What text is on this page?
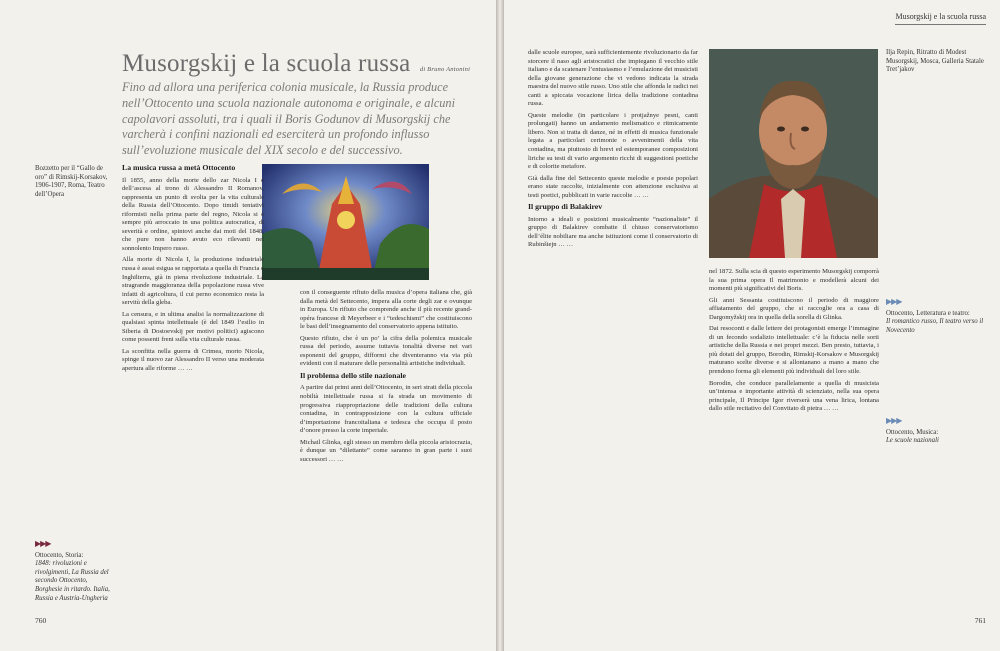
Musorgskij e la scuola russa di Bruno Antonini
Fino ad allora una periferica colonia musicale, la Russia produce nell’Ottocento una scuola nazionale autonoma e originale, e alcuni capolavori assoluti, tra i quali il Boris Godunov di Musorgskij che varcherà i confini nazionali ed eserciterà un profondo influsso sull’evoluzione musicale del XIX secolo e del successivo.
Bozzetto per il “Gallo de oro” di Rimskij-Korsakov, 1906-1907, Roma, Teatro dell’Opera
La musica russa a metà Ottocento

Il 1855, anno della morte dello zar Nicola I e dell’ascesa al trono di Alessandro II Romanov, rappresenta un punto di svolta per la vita culturale della Russia dell’Ottocento. Dopo timidi tentativi riformisti nella prima parte del regno, Nicola si è sempre più arroccato in una politica autocratica, di severità e ordine, spintovi anche dai moti del 1848, che pure non hanno avuto eco rilevanti nel sonnolento Impero russo.

Alla morte di Nicola I, la produzione industriale russa è assai esigua se rapportata a quella di Francia e Inghilterra, già in piena rivoluzione industriale. La stragrande maggioranza della popolazione russa vive infatti di agricoltura, il cui perno economico resta la servitù della gleba.

La censura, e in ultima analisi la normalizzazione di qualsiasi spinta intellettuale (è del 1849 l’esilio in Siberia di Dostoevskij per motivi politici) agiscono come possenti freni sulla vita culturale russa.

La sconfitta nella guerra di Crimea, morto Nicola, spinge il nuovo zar Alessandro II verso una moderata apertura alle riforme … …

con il conseguente rifiuto della musica d’opera italiana che, già dalla metà del Settecento, impera alla corte degli zar e ovunque in Europa. Un rifiuto che comprende anche il più recente grand-opéra francese di Meyerbeer e i “tedeschismi” che costituiscono le basi dell’insegnamento del conservatorio appena istituito.

Questo rifiuto, che è un po’ la cifra della polemica musicale russa del periodo, assume tuttavia tonalità diverse nei vari esponenti del gruppo, difformi che diventeranno via via più evidenti con il maturare delle personalità artistiche individuali.

Il problema dello stile nazionale

A partire dai primi anni dell’Ottocento, in seri strati della piccola nobiltà intellettuale russa si fa strada un movimento di progressiva riappropriazione delle tradizioni della cultura contadina, in contrapposizione con la cultura ufficiale d’importazione francoitaliana e tedesca che occupa il posto d’onore presso la corte imperiale.

Michail Glinka, egli stesso un membro della piccola aristocrazia, è dunque un “dilettante” come saranno in gran parte i suoi successori … …

▶▶▶
Ottocento, Storia:
1848: rivoluzioni e rivolgimenti, La Russia del secondo Ottocento, Borghesie in ritardo. Italia, Russia e Austria-Ungheria
760
Musorgskij e la scuola russa

dalle scuole europee, sarà sufficientemente rivoluzionario da far storcere il naso agli aristocratici che impiegano il vecchio stile italiano e da scatenare l’entusiasmo e l’emulazione dei musicisti della giovane generazione che vi vedono indicata la strada maestra del nuovo stile russo. Uno stile che affonda le radici nei canti a spiccata vocazione lirica della tradizione contadina russa.

Queste melodie (in particolare i protjažnye pesni, canti prolungati) hanno un andamento melismatico e ritmicamente libero. Non si tratta di danze, né in effetti di musica funzionale legata a particolari cerimonie o avvenimenti della vita contadina, ma piuttosto di brevi ed estemporanee composizioni liriche su testi di vario argomento ricchi di suggestioni poetiche e di colorite metafore.

Già dalla fine del Settecento queste melodie e poesie popolari erano state raccolte, inizialmente con attenzione esclusiva ai testi poetici, pubblicati in varie raccolte … …

Il gruppo di Balakirev

Intorno a ideali e posizioni musicalmente “nazionaliste” il gruppo di Balakirev combatte il chiuso conservatorismo dell’élite nobiliare ma anche istituzioni come il conservatorio di Rubinštejn … …

Ilja Repin, Ritratto di Modest Musorgskij, Mosca, Galleria Statale Tret’jakov

nel 1872. Sulla scia di questo esperimento Musorgskij comporrà la sua prima opera Il matrimonio e modellerà alcuni dei momenti più significativi del Boris.

Gli anni Sessanta costituiscono il periodo di maggiore affiatamento del gruppo, che si raccoglie ora a casa di Dargomyžskij ora in quella della sorella di Glinka.

Dai resoconti e dalle lettere dei protagonisti emerge l’immagine di un fecondo sodalizio intellettuale: c’è la fiducia nelle sorti artistiche della Russia e nei propri mezzi. Ben presto, tuttavia, i più dotati del gruppo, Borodin, Rimskij-Korsakov e Musorgskij maturano scelte diverse e si allontanano a mano a mano che prendono forma gli elementi più individuali del loro stile.

Borodin, che conduce parallelamente a quella di musicista un’intensa e importante attività di scienziato, nella sua opera principale, Il Principe Igor riverserà una vena lirica, lontana dallo stile recitativo del Convitato di pietra … …

▶▶▶
Ottocento, Letteratura e teatro:
Il romantico russo, Il teatro verso il Novecento
▶▶▶
Ottocento, Musica:
Le scuole nazionali
761
